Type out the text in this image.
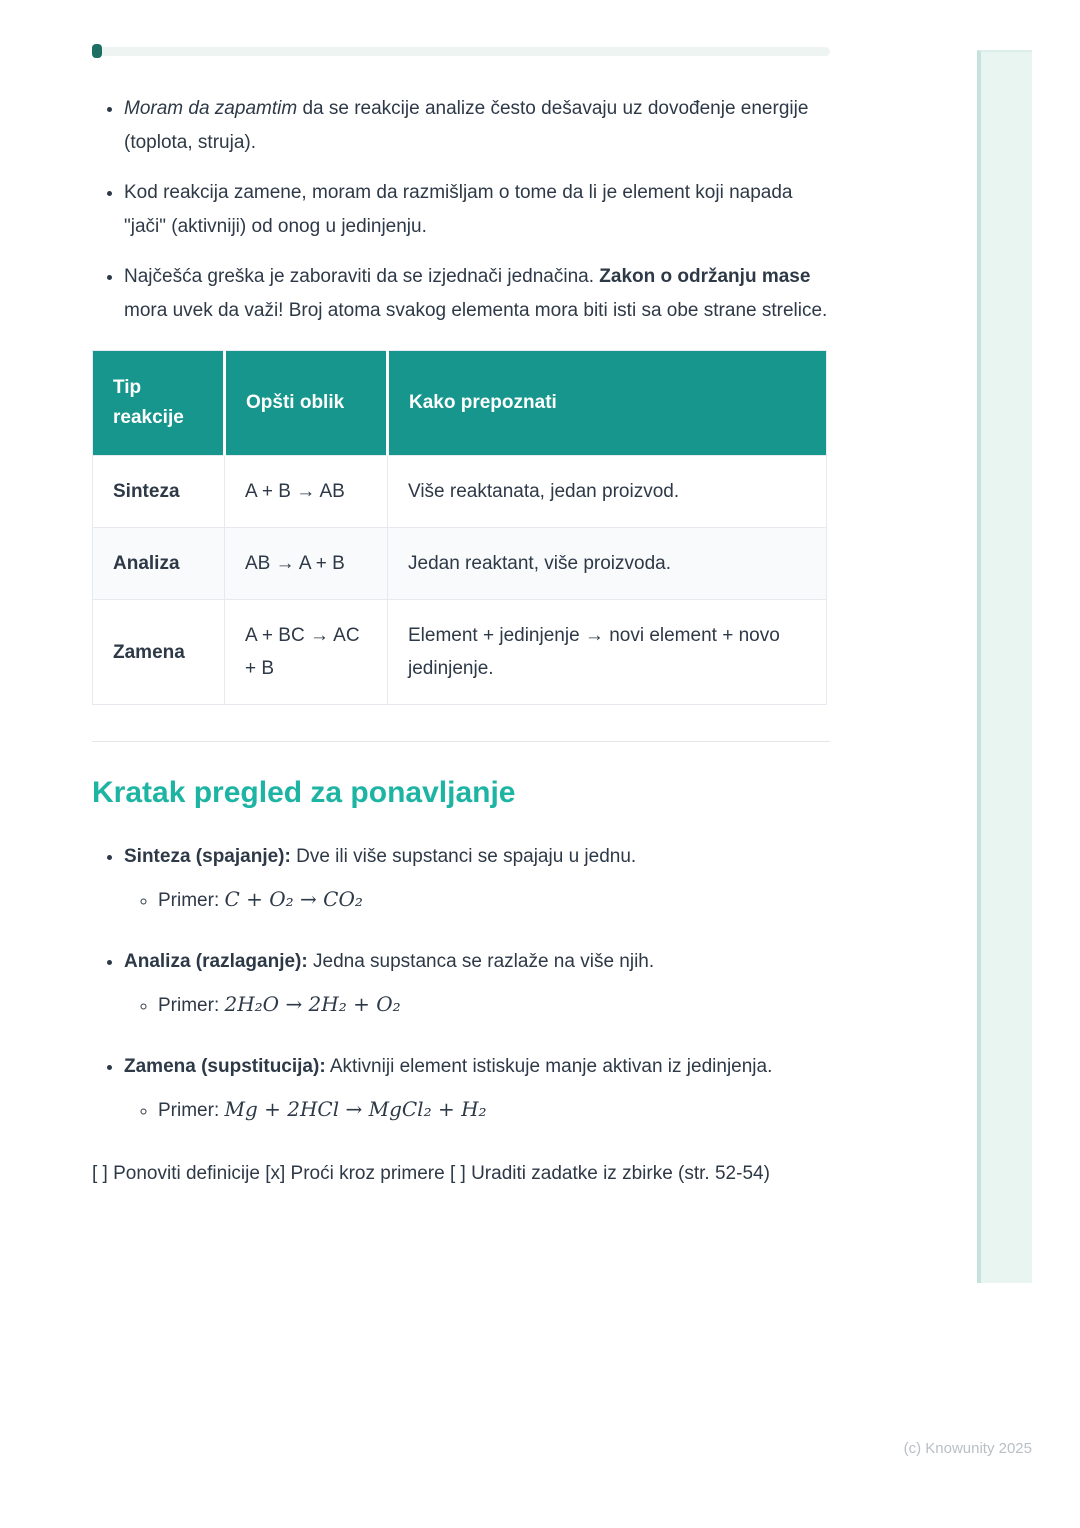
• Moram da zapamtim da se reakcije analize često dešavaju uz dovođenje energije (toplota, struja).
• Kod reakcija zamene, moram da razmišljam o tome da li je element koji napada "jači" (aktivniji) od onog u jedinjenju.
• Najčešća greška je zaboraviti da se izjednači jednačina. Zakon o održanju mase mora uvek da važi! Broj atoma svakog elementa mora biti isti sa obe strane strelice.
Tip reakcije	Opšti oblik	Kako prepoznati
Sinteza	A + B → AB	Više reaktanata, jedan proizvod.
Analiza	AB → A + B	Jedan reaktant, više proizvoda.
Zamena	A + BC → AC + B	Element + jedinjenje → novi element + novo jedinjenje.
Kratak pregled za ponavljanje
• Sinteza (spajanje): Dve ili više supstanci se spajaju u jednu.
◦ Primer: C + O₂ → CO₂
• Analiza (razlaganje): Jedna supstanca se razlaže na više njih.
◦ Primer: 2H₂O → 2H₂ + O₂
• Zamena (supstitucija): Aktivniji element istiskuje manje aktivan iz jedinjenja.
◦ Primer: Mg + 2HCl → MgCl₂ + H₂

[ ] Ponoviti definicije [x] Proći kroz primere [ ] Uraditi zadatke iz zbirke (str. 52-54)

(c) Knowunity 2025
